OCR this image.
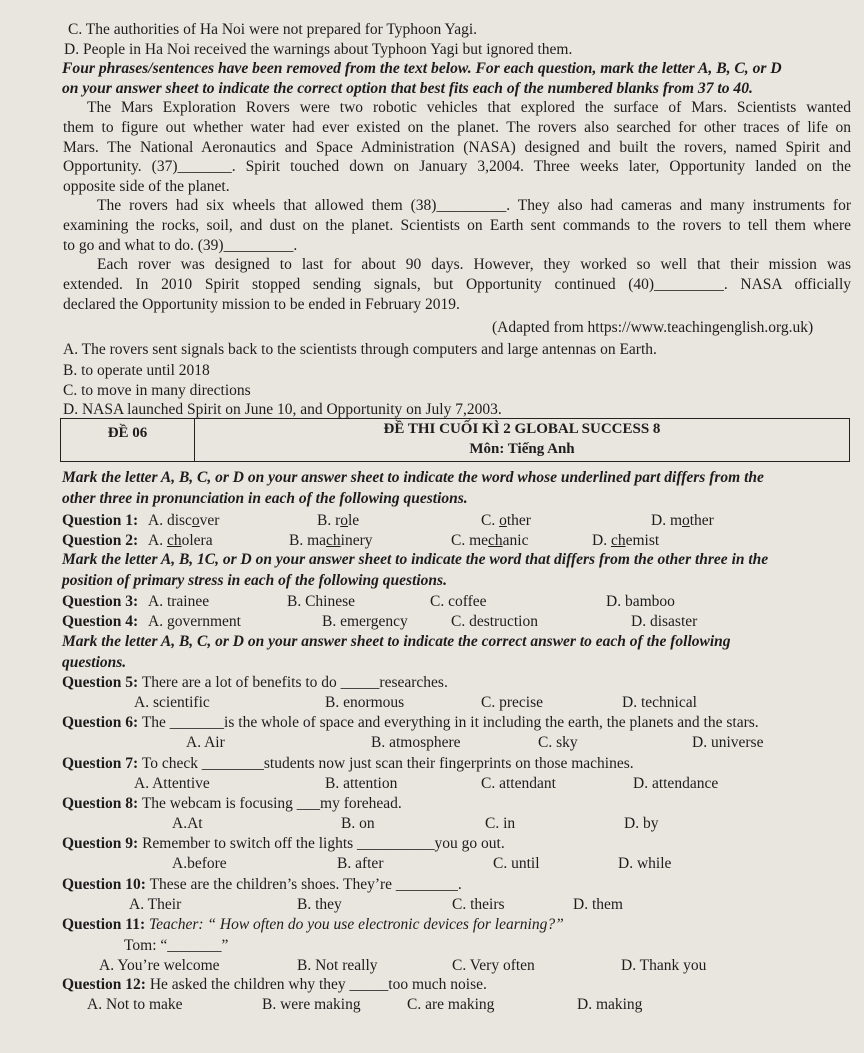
C. The authorities of Ha Noi were not prepared for Typhoon Yagi.
D. People in Ha Noi received the warnings about Typhoon Yagi but ignored them.
Four phrases/sentences have been removed from the text below. For each question, mark the letter A, B, C, or D
on your answer sheet to indicate the correct option that best fits each of the numbered blanks from 37 to 40.
The Mars Exploration Rovers were two robotic vehicles that explored the surface of Mars. Scientists wanted
them to figure out whether water had ever existed on the planet. The rovers also searched for other traces of life on
Mars. The National Aeronautics and Space Administration (NASA) designed and built the rovers, named Spirit and
Opportunity. (37)_______. Spirit touched down on January 3,2004. Three weeks later, Opportunity landed on the
opposite side of the planet.
The rovers had six wheels that allowed them (38)_________. They also had cameras and many instruments for
examining the rocks, soil, and dust on the planet. Scientists on Earth sent commands to the rovers to tell them where
to go and what to do. (39)_________.
Each rover was designed to last for about 90 days. However, they worked so well that their mission was
extended. In 2010 Spirit stopped sending signals, but Opportunity continued (40)_________. NASA officially
declared the Opportunity mission to be ended in February 2019.
(Adapted from https://www.teachingenglish.org.uk)
A. The rovers sent signals back to the scientists through computers and large antennas on Earth.
B. to operate until 2018
C. to move in many directions
D. NASA launched Spirit on June 10, and Opportunity on July 7,2003.
ĐỀ 06	ĐỀ THI CUỐI KÌ 2 GLOBAL SUCCESS 8
Môn: Tiếng Anh
Mark the letter A, B, C, or D on your answer sheet to indicate the word whose underlined part differs from the
other three in pronunciation in each of the following questions.
Question 1: A. discover	B. role	C. other	D. mother
Question 2: A. cholera	B. machinery	C. mechanic	D. chemist
Mark the letter A, B, 1C, or D on your answer sheet to indicate the word that differs from the other three in the
position of primary stress in each of the following questions.
Question 3: A. trainee	B. Chinese	C. coffee	D. bamboo
Question 4: A. government	B. emergency	C. destruction	D. disaster
Mark the letter A, B, C, or D on your answer sheet to indicate the correct answer to each of the following
questions.
Question 5: There are a lot of benefits to do _____researches.
A. scientific	B. enormous	C. precise	D. technical
Question 6: The _______is the whole of space and everything in it including the earth, the planets and the stars.
A. Air	B. atmosphere	C. sky	D. universe
Question 7: To check ________students now just scan their fingerprints on those machines.
A. Attentive	B. attention	C. attendant	D. attendance
Question 8: The webcam is focusing ___my forehead.
A.At	B. on	C. in	D. by
Question 9: Remember to switch off the lights __________you go out.
A.before	B. after	C. until	D. while
Question 10: These are the children’s shoes. They’re ________.
A. Their	B. they	C. theirs	D. them
Question 11: Teacher: “ How often do you use electronic devices for learning?”
Tom: “_______”
A. You’re welcome	B. Not really	C. Very often	D. Thank you
Question 12: He asked the children why they _____too much noise.
A. Not to make	B. were making	C. are making	D. making
